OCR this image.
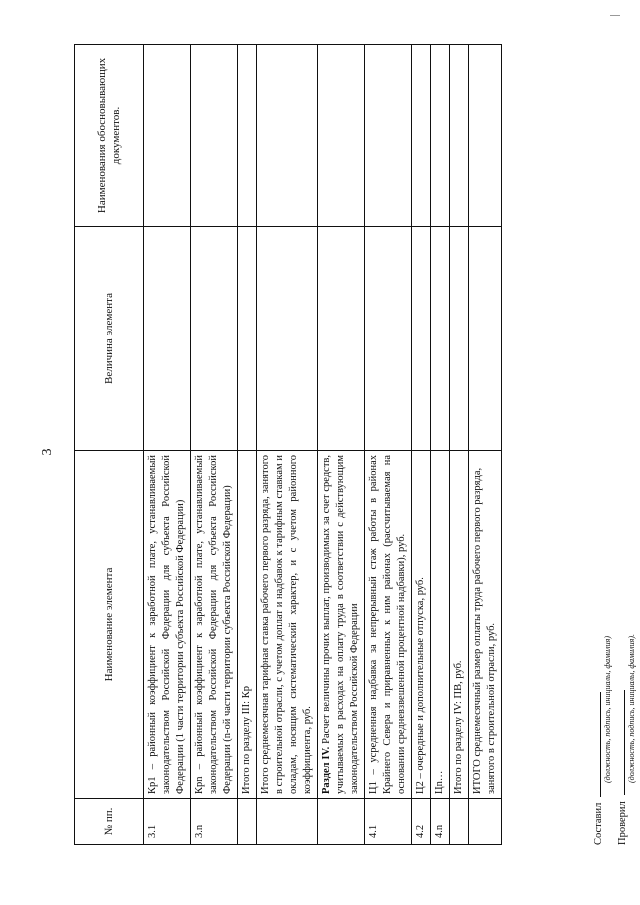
3
№ пп.	Наименование элемента	Величина элемента	Наименования обосновывающих документов.
3.1	Кр1 – районный коэффициент к заработной плате, устанавливаемый законодательством Российской Федерации для субъекта Российской Федерации (1 части территории субъекта Российской Федерации)		
3.n	Крn – районный коэффициент к заработной плате, устанавливаемый законодательством Российской Федерации для субъекта Российской Федерации (n-ой части территории субъекта Российской Федерации)		
	Итого по разделу III: Кр		
	Итого среднемесячная тарифная ставка рабочего первого разряда, занятого в строительной отрасли, с учетом доплат и надбавок к тарифным ставкам и окладам, носящим систематический характер, и с учетом районного коэффициента, руб.		
	Раздел IV. Расчет величины прочих выплат, производимых за счет средств, учитываемых в расходах на оплату труда в соответствии с действующим законодательством Российской Федерации		
4.1	Ц1 – усредненная надбавка за непрерывный стаж работы в районах Крайнего Севера и приравненных к ним районах (рассчитываемая на основании средневзвешенной процентной надбавки), руб.		
4.2	Ц2 – очередные и дополнительные отпуска, руб.		
4.n	Цn…		
	Итого по разделу IV: ПВ, руб.		
	ИТОГО среднемесячный размер оплаты труда рабочего первого разряда, занятого в строительной отрасли, руб.		
Составил
(должность, подпись, инициалы, фамилия)
Проверил
(должность, подпись, инициалы, фамилия).
